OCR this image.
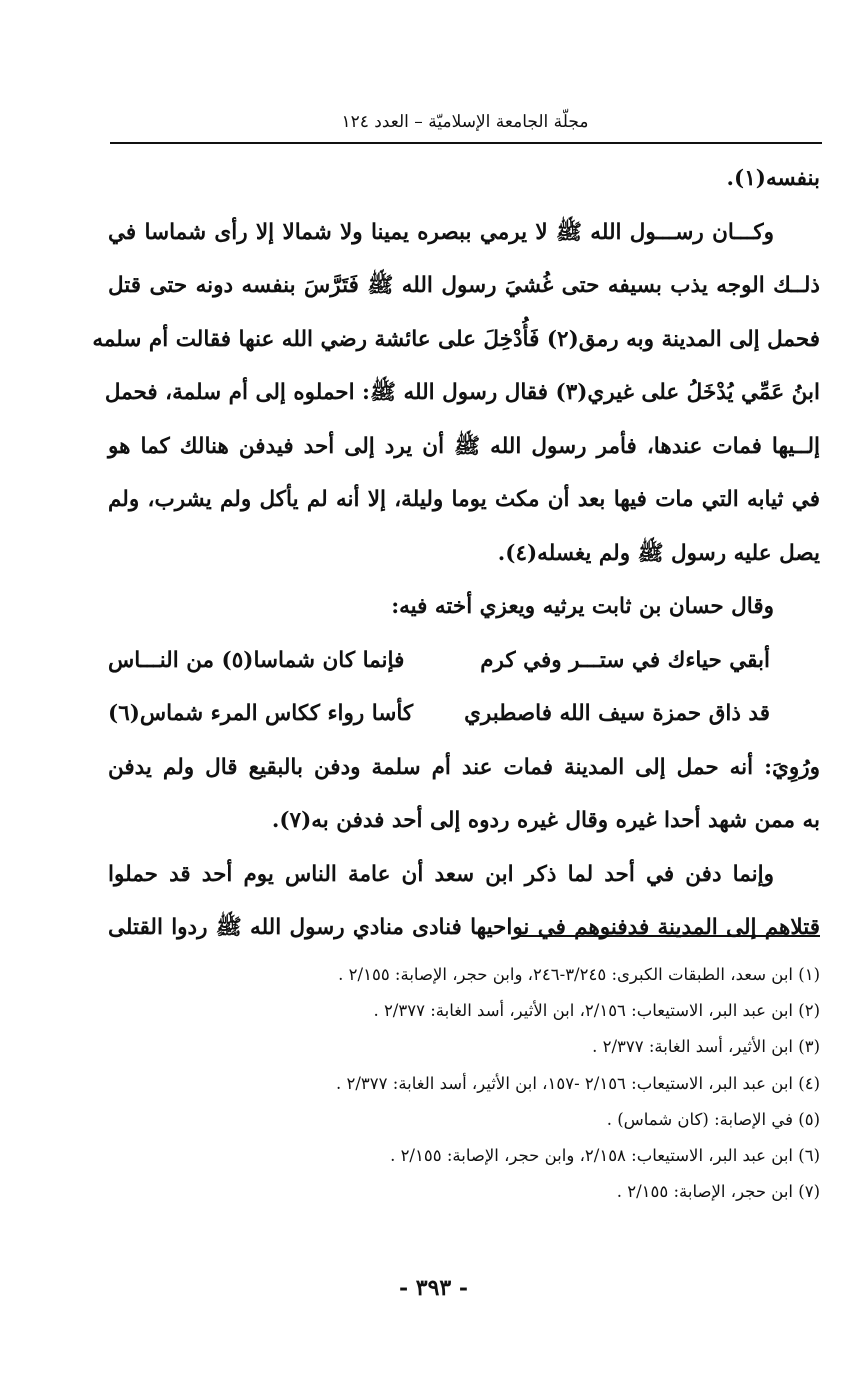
مجلّة الجامعة الإسلاميّة – العدد ١٢٤
بنفسه(١).
وكـــان رســـول الله ﷺ لا يرمي ببصره يمينا ولا شمالا إلا رأى شماسا في
ذلــك الوجه يذب بسيفه حتى غُشيَ رسول الله ﷺ فَتَرَّسَ بنفسه دونه حتى قتل
فحمل إلى المدينة وبه رمق(٢) فَأُدْخِلَ على عائشة رضي الله عنها فقالت أم سلمه
ابنُ عَمِّي يُدْخَلُ على غيري(٣) فقال رسول الله ﷺ: احملوه إلى أم سلمة، فحمل
إلــيها فمات عندها، فأمر رسول الله ﷺ أن يرد إلى أحد فيدفن هنالك كما هو
في ثيابه التي مات فيها بعد أن مكث يوما وليلة، إلا أنه لم يأكل ولم يشرب، ولم
يصل عليه رسول ﷺ ولم يغسله(٤).
وقال حسان بن ثابت يرثيه ويعزي أخته فيه:
أبقي حياءك في ستـــر وفي كرم
فإنما كان شماسا(٥) من النـــاس
قد ذاق حمزة سيف الله فاصطبري
كأسا رواء ككاس المرء شماس(٦)
ورُوِيَ: أنه حمل إلى المدينة فمات عند أم سلمة ودفن بالبقيع قال ولم يدفن
به ممن شهد أحدا غيره وقال غيره ردوه إلى أحد فدفن به(٧).
وإنما دفن في أحد لما ذكر ابن سعد أن عامة الناس يوم أحد قد حملوا
قتلاهم إلى المدينة فدفنوهم في نواحيها فنادى منادي رسول الله ﷺ ردوا القتلى
(١) ابن سعد، الطبقات الكبرى: ٣/٢٤٥-٢٤٦، وابن حجر، الإصابة: ٢/١٥٥ .
(٢) ابن عبد البر، الاستيعاب: ٢/١٥٦، ابن الأثير، أسد الغابة: ٢/٣٧٧ .
(٣) ابن الأثير، أسد الغابة: ٢/٣٧٧ .
(٤) ابن عبد البر، الاستيعاب: ٢/١٥٦ -١٥٧، ابن الأثير، أسد الغابة: ٢/٣٧٧ .
(٥) في الإصابة: (كان شماس) .
(٦) ابن عبد البر، الاستيعاب: ٢/١٥٨، وابن حجر، الإصابة: ٢/١٥٥ .
(٧) ابن حجر، الإصابة: ٢/١٥٥ .
- ٣٩٣ -
